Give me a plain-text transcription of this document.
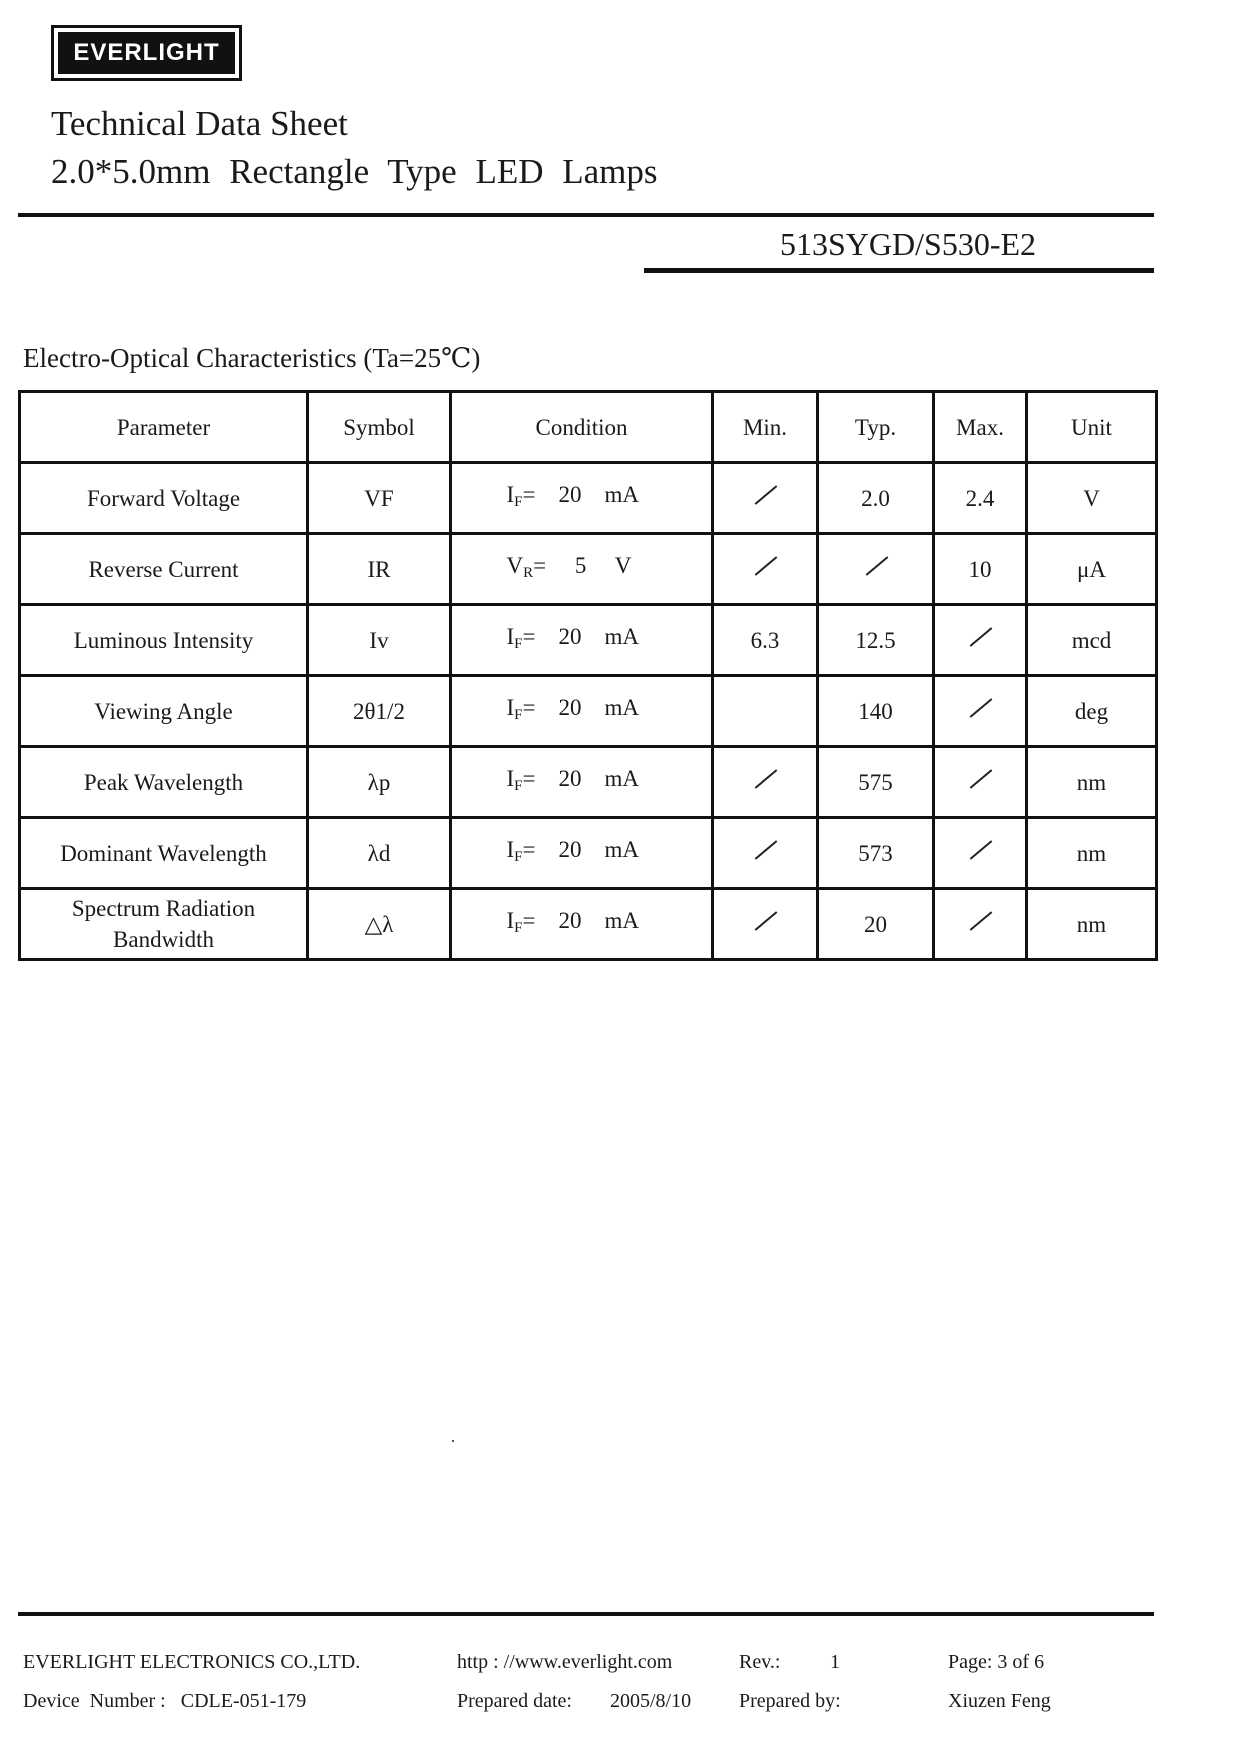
EVERLIGHT
Technical Data Sheet
2.0*5.0mm Rectangle Type LED Lamps
513SYGD/S530-E2
Electro-Optical Characteristics (Ta=25℃)
Parameter	Symbol	Condition	Min.	Typ.	Max.	Unit
Forward Voltage	VF	$I_F=$    20    mA		2.0	2.4	V
Reverse Current	IR	$V_R=$     5     V			10	μA
Luminous Intensity	Iv	$I_F=$    20    mA	6.3	12.5		mcd
Viewing Angle	2θ1/2	$I_F=$    20    mA		140		deg
Peak Wavelength	λp	$I_F=$    20    mA		575		nm
Dominant Wavelength	λd	$I_F=$    20    mA		573		nm
Spectrum Radiation Bandwidth	△λ	$I_F=$    20    mA		20		nm
EVERLIGHT ELECTRONICS CO.,LTD.	http : //www.everlight.com	Rev.: 1	Page: 3 of 6
Device  Number :   CDLE-051-179	Prepared date: 2005/8/10 Prepared by:	Xiuzen Feng
